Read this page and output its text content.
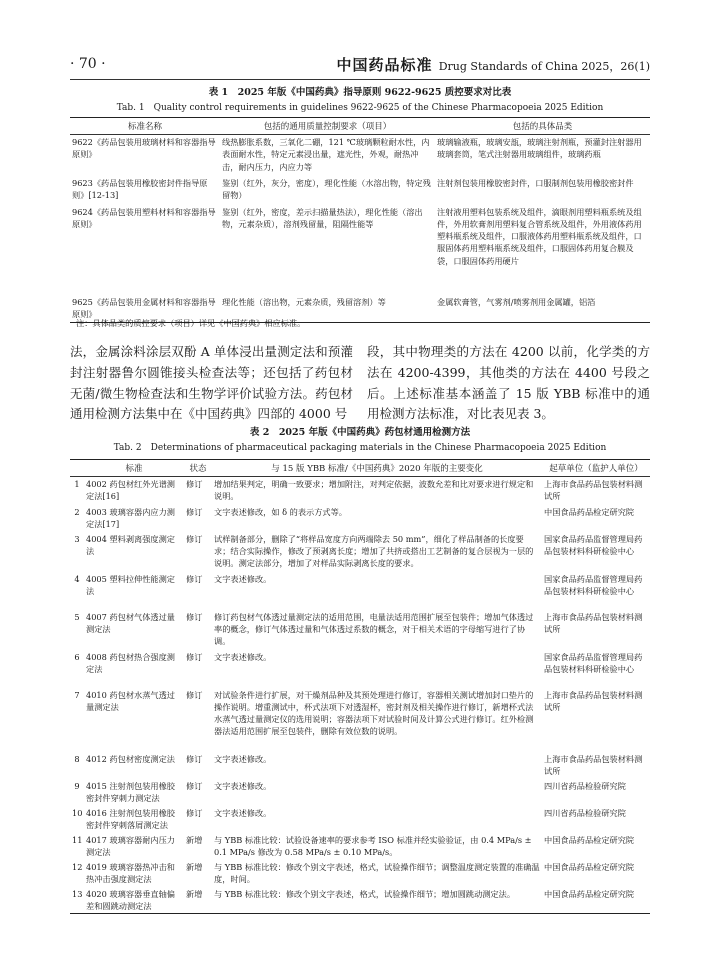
· 70 ·	中国药品标准 Drug Standards of China 2025，26(1)
表 1　2025 年版《中国药典》指导原则 9622-9625 质控要求对比表
Tab. 1　Quality control requirements in guidelines 9622-9625 of the Chinese Pharmacopoeia 2025 Edition
标准名称	包括的通用质量控制要求（项目）	包括的具体品类
9622《药品包装用玻璃材料和容器指导原则》	线热膨胀系数，三氧化二硼，121 ℃玻璃颗粒耐水性，内表面耐水性，特定元素浸出量，遮光性，外观，耐热冲击，耐内压力，内应力等	玻璃输液瓶，玻璃安瓿，玻璃注射剂瓶，预灌封注射器用玻璃套筒，笔式注射器用玻璃组件，玻璃药瓶
9623《药品包装用橡胶密封件指导原则》[12-13]	鉴别（红外，灰分，密度），理化性能（水溶出物，特定残留物）	注射剂包装用橡胶密封件，口服制剂包装用橡胶密封件
9624《药品包装用塑料材料和容器指导原则》	鉴别（红外，密度，差示扫描量热法），理化性能（溶出物，元素杂质），溶剂残留量，阻隔性能等	注射液用塑料包装系统及组件，滴眼剂用塑料瓶系统及组件，外用软膏剂用塑料复合管系统及组件，外用液体药用塑料瓶系统及组件，口服液体药用塑料瓶系统及组件，口服固体药用塑料瓶系统及组件，口服固体药用复合膜及袋，口服固体药用硬片
9625《药品包装用金属材料和容器指导原则》	理化性能（溶出物，元素杂质，残留溶剂）等	金属软膏管，气雾剂/喷雾剂用金属罐，铝箔
注：具体品类的质控要求（项目）详见《中国药典》相应标准。
法，金属涂料涂层双酚 A 单体浸出量测定法和预灌封注射器鲁尔圆锥接头检查法等；还包括了药包材无菌/微生物检查法和生物学评价试验方法。药包材通用检测方法集中在《中国药典》四部的 4000 号
段，其中物理类的方法在 4200 以前，化学类的方法在 4200-4399，其他类的方法在 4400 号段之后。上述标准基本涵盖了 15 版 YBB 标准中的通用检测方法标准，对比表见表 3。
表 2　2025 年版《中国药典》药包材通用检测方法
Tab. 2　Determinations of pharmaceutical packaging materials in the Chinese Pharmacopoeia 2025 Edition
	标准	状态	与 15 版 YBB 标准/《中国药典》2020 年版的主要变化	起草单位（监护人单位）
1	4002 药包材红外光谱测定法[16]	修订	增加结果判定，明确一致要求；增加附注，对判定依据，波数允差和比对要求进行规定和说明。	上海市食品药品包装材料测试所
2	4003 玻璃容器内应力测定法[17]	修订	文字表述修改，如 δ 的表示方式等。	中国食品药品检定研究院
3	4004 塑料剥离强度测定法	修订	试样制备部分，删除了“将样品宽度方向两端除去 50 mm”，细化了样品制备的长度要求；结合实际操作，修改了预剥离长度；增加了共挤或搭出工艺制备的复合层视为一层的说明。测定法部分，增加了对样品实际剥离长度的要求。	国家食品药品监督管理局药品包装材料科研检验中心
4	4005 塑料拉伸性能测定法	修订	文字表述修改。	国家食品药品监督管理局药品包装材料科研检验中心
5	4007 药包材气体透过量测定法	修订	修订药包材气体透过量测定法的适用范围，电量法适用范围扩展至包装件；增加气体透过率的概念，修订气体透过量和气体透过系数的概念，对于相关术语的字母缩写进行了协调。	上海市食品药品包装材料测试所
6	4008 药包材热合强度测定法	修订	文字表述修改。	国家食品药品监督管理局药品包装材料科研检验中心
7	4010 药包材水蒸气透过量测定法	修订	对试验条件进行扩展，对干燥剂品种及其预处理进行修订，容器相关测试增加封口垫片的操作说明。增重测试中，杯式法项下对透湿杯，密封剂及相关操作进行修订，新增杯式法水蒸气透过量测定仪的选用说明；容器法项下对试验时间及计算公式进行修订。红外检测器法适用范围扩展至包装件，删除有效位数的说明。	上海市食品药品包装材料测试所
8	4012 药包材密度测定法	修订	文字表述修改。	上海市食品药品包装材料测试所
9	4015 注射剂包装用橡胶密封件穿刺力测定法	修订	文字表述修改。	四川省药品检验研究院
10	4016 注射剂包装用橡胶密封件穿刺落屑测定法	修订	文字表述修改。	四川省药品检验研究院
11	4017 玻璃容器耐内压力测定法	新增	与 YBB 标准比较：试验设备速率的要求参考 ISO 标准并经实验验证，由 0.4 MPa/s ± 0.1 MPa/s 修改为 0.58 MPa/s ± 0.10 MPa/s。	中国食品药品检定研究院
12	4019 玻璃容器热冲击和热冲击强度测定法	新增	与 YBB 标准比较：修改个别文字表述，格式，试验操作细节；调整温度测定装置的准确温度，时间。	中国食品药品检定研究院
13	4020 玻璃容器垂直轴偏差和圆跳动测定法	新增	与 YBB 标准比较：修改个别文字表述，格式，试验操作细节；增加圆跳动测定法。	中国食品药品检定研究院
